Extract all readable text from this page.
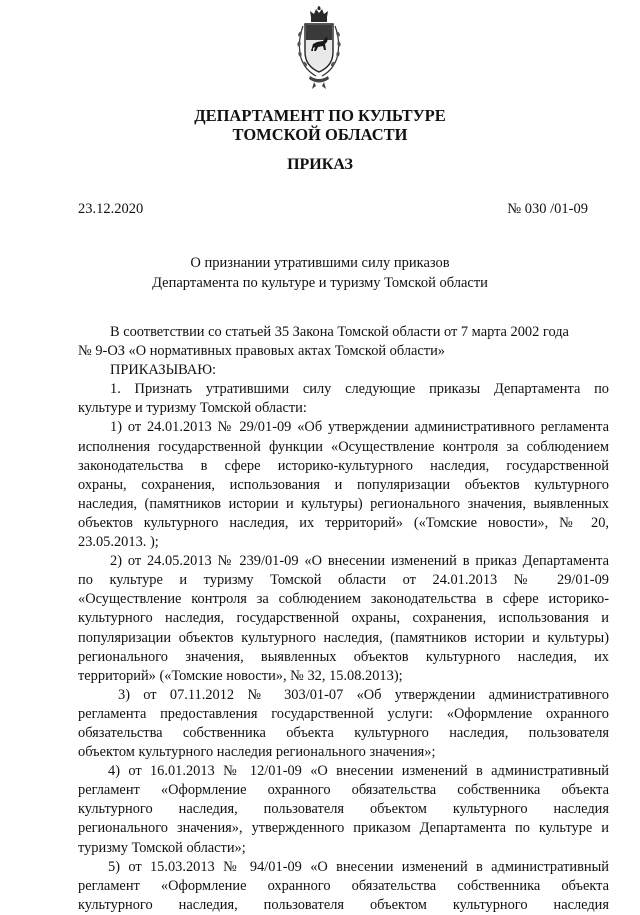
ДЕПАРТАМЕНТ ПО КУЛЬТУРЕ
ТОМСКОЙ ОБЛАСТИ
ПРИКАЗ
23.12.2020	№ 030 /01-09
О признании утратившими силу приказов
Департамента по культуре и туризму Томской области
В соответствии со статьей 35 Закона Томской области от 7 марта 2002 года
№ 9-ОЗ «О нормативных правовых актах Томской области»
ПРИКАЗЫВАЮ:
1. Признать утратившими силу следующие приказы Департамента по
культуре и туризму Томской области:
1) от 24.01.2013 № 29/01-09 «Об утверждении административного регламента
исполнения государственной функции «Осуществление контроля за соблюдением
законодательства в сфере историко-культурного наследия, государственной
охраны, сохранения, использования и популяризации объектов культурного
наследия, (памятников истории и культуры) регионального значения, выявленных
объектов культурного наследия, их территорий» («Томские новости», № 20,
23.05.2013. );
2) от 24.05.2013 № 239/01-09 «О внесении изменений в приказ Департамента
по культуре и туризму Томской области от 24.01.2013 № 29/01-09
«Осуществление контроля за соблюдением законодательства в сфере историко-
культурного наследия, государственной охраны, сохранения, использования и
популяризации объектов культурного наследия, (памятников истории и культуры)
регионального значения, выявленных объектов культурного наследия, их
территорий» («Томские новости», № 32, 15.08.2013);
3) от 07.11.2012 № 303/01-07 «Об утверждении административного
регламента предоставления государственной услуги: «Оформление охранного
обязательства собственника объекта культурного наследия, пользователя
объектом культурного наследия регионального значения»;
4) от 16.01.2013 № 12/01-09 «О внесении изменений в административный
регламент «Оформление охранного обязательства собственника объекта
культурного наследия, пользователя объектом культурного наследия
регионального значения», утвержденного приказом Департамента по культуре и
туризму Томской области»;
5) от 15.03.2013 № 94/01-09 «О внесении изменений в административный
регламент «Оформление охранного обязательства собственника объекта
культурного наследия, пользователя объектом культурного наследия
